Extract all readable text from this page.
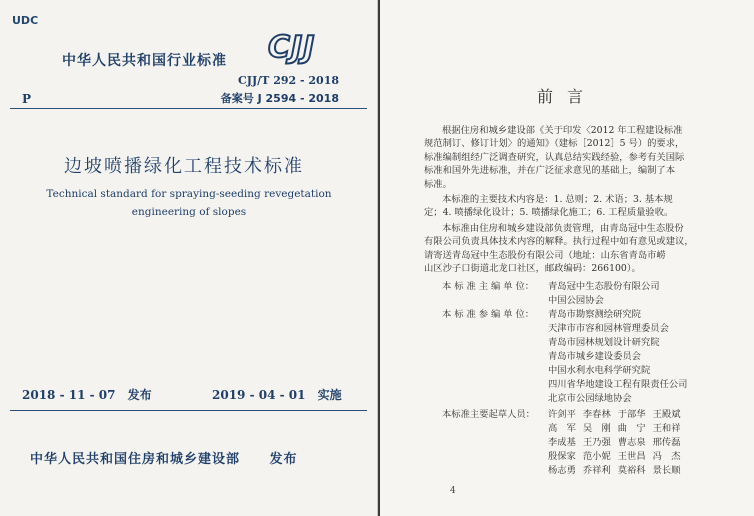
UDC
中华人民共和国行业标准 CJJ
CJJ/T 292 - 2018
备案号 J 2594 - 2018
P
边坡喷播绿化工程技术标准
Technical standard for spraying-seeding revegetation
engineering of slopes
2018 - 11 - 07 发布	2019 - 04 - 01 实施
中华人民共和国住房和城乡建设部 发布
前言

根据住房和城乡建设部《关于印发〈2012 年工程建设标准

规范制订、修订计划〉的通知》（建标［2012］5 号）的要求，

标准编制组经广泛调查研究，认真总结实践经验，参考有关国际

标准和国外先进标准，并在广泛征求意见的基础上，编制了本

标准。

本标准的主要技术内容是：1. 总则；2. 术语；3. 基本规

定；4. 喷播绿化设计；5. 喷播绿化施工；6. 工程质量验收。

本标准由住房和城乡建设部负责管理，由青岛冠中生态股份

有限公司负责具体技术内容的解释。执行过程中如有意见或建议，

请寄送青岛冠中生态股份有限公司（地址：山东省青岛市崂

山区沙子口街道北龙口社区，邮政编码：266100）。

本 标 准 主 编 单 位： 青岛冠中生态股份有限公司
中国公园协会
本 标 准 参 编 单 位： 青岛市勘察测绘研究院
天津市市容和园林管理委员会
青岛市园林规划设计研究院
青岛市城乡建设委员会
中国水利水电科学研究院
四川省华地建设工程有限责任公司
北京市公园绿地协会
本标准主要起草人员： 许剑平 李春林 于部华 王殿斌
高　军 吴　刚 曲　宁 王和祥
李成基 王乃强 曹志泉 邢传磊
殷保家 范小妮 王世昌 冯　杰
杨志勇 乔祥利 莫裕科 景长顺
4
